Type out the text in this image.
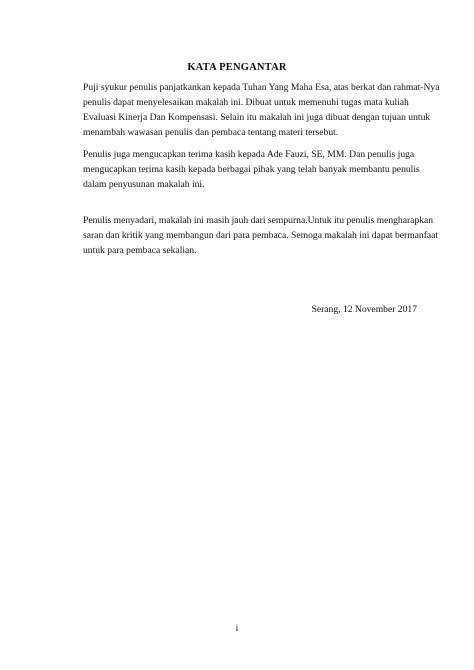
KATA PENGANTAR

Puji syukur penulis panjatkankan kepada Tuhan Yang Maha Esa, atas berkat dan rahmat-Nya
penulis dapat menyelesaikan makalah ini. Dibuat untuk memenuhi tugas mata kuliah
Evaluasi Kinerja Dan Kompensasi. Selain itu makalah ini juga dibuat dengan tujuan untuk
menambah wawasan penulis dan pembaca tentang materi tersebut.

Penulis juga mengucapkan terima kasih kepada Ade Fauzi, SE, MM. Dan penulis juga
mengucapkan terima kasih kepada berbagai pihak yang telah banyak membantu penulis
dalam penyusunan makalah ini.

Penulis menyadari, makalah ini masih jauh dari sempurna.Untuk itu penulis mengharapkan
saran dan kritik yang membangun dari para pembaca. Semoga makalah ini dapat bermanfaat
untuk para pembaca sekalian.

Serang, 12 November 2017

i
